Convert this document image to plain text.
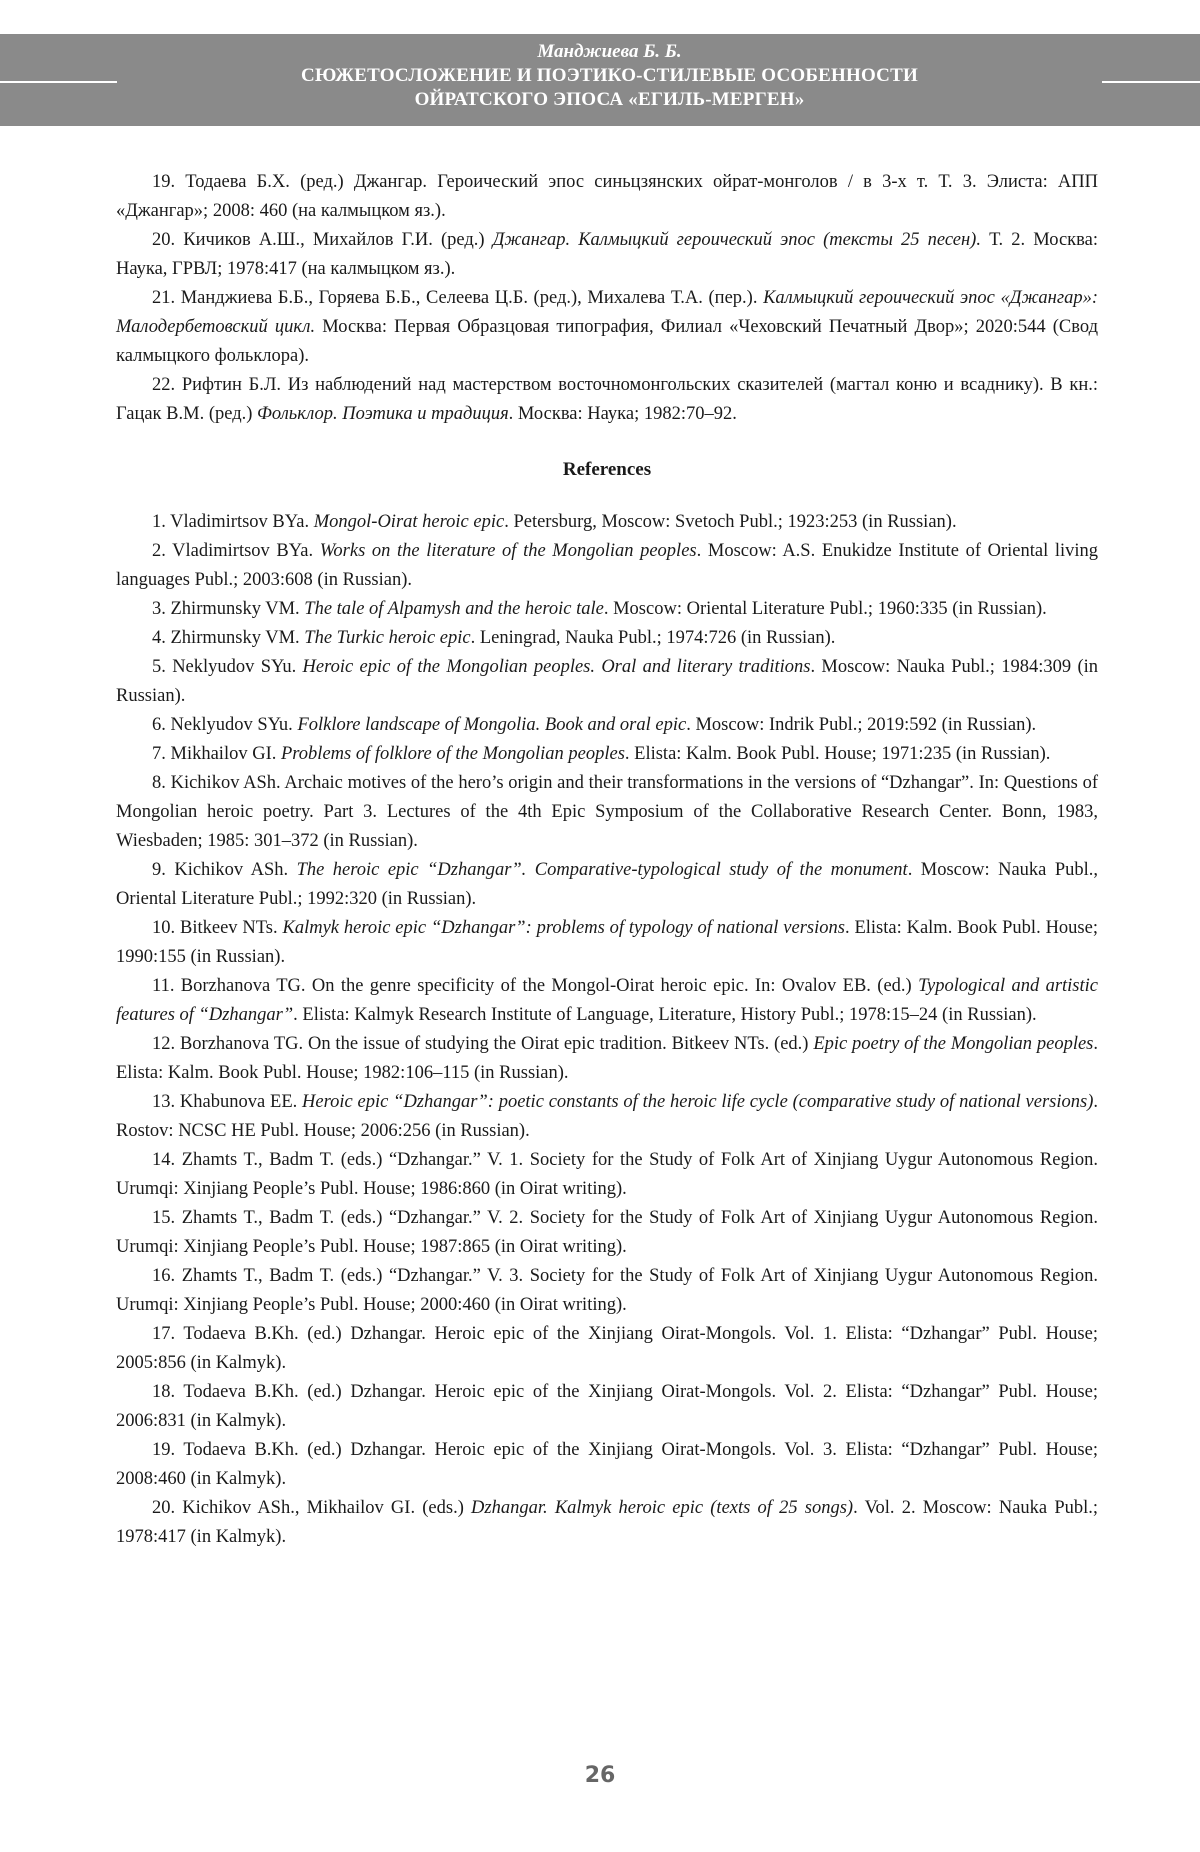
Манджиева Б. Б.
СЮЖЕТОСЛОЖЕНИЕ И ПОЭТИКО-СТИЛЕВЫЕ ОСОБЕННОСТИ
ОЙРАТСКОГО ЭПОСА «ЕГИЛЬ-МЕРГЕН»

19. Тодаева Б.Х. (ред.) Джангар. Героический эпос синьцзянских ойрат-монголов / в 3-х т. Т. 3. Элиста: АПП «Джангар»; 2008: 460 (на калмыцком яз.).

20. Кичиков А.Ш., Михайлов Г.И. (ред.) Джангар. Калмыцкий героический эпос (тексты 25 песен). Т. 2. Москва: Наука, ГРВЛ; 1978:417 (на калмыцком яз.).

21. Манджиева Б.Б., Горяева Б.Б., Селеева Ц.Б. (ред.), Михалева Т.А. (пер.). Калмыцкий героический эпос «Джангар»: Малодербетовский цикл. Москва: Первая Образцовая типография, Филиал «Чеховский Печатный Двор»; 2020:544 (Свод калмыцкого фольклора).

22. Рифтин Б.Л. Из наблюдений над мастерством восточномонгольских сказителей (магтал коню и всаднику). В кн.: Гацак В.М. (ред.) Фольклор. Поэтика и традиция. Москва: Наука; 1982:70–92.

References

1. Vladimirtsov BYa. Mongol-Oirat heroic epic. Petersburg, Moscow: Svetoch Publ.; 1923:253 (in Russian).

2. Vladimirtsov BYa. Works on the literature of the Mongolian peoples. Moscow: A.S. Enukidze Institute of Oriental living languages Publ.; 2003:608 (in Russian).

3. Zhirmunsky VM. The tale of Alpamysh and the heroic tale. Moscow: Oriental Literature Publ.; 1960:335 (in Russian).

4. Zhirmunsky VM. The Turkic heroic epic. Leningrad, Nauka Publ.; 1974:726 (in Russian).

5. Neklyudov SYu. Heroic epic of the Mongolian peoples. Oral and literary traditions. Moscow: Nauka Publ.; 1984:309 (in Russian).

6. Neklyudov SYu. Folklore landscape of Mongolia. Book and oral epic. Moscow: Indrik Publ.; 2019:592 (in Russian).

7. Mikhailov GI. Problems of folklore of the Mongolian peoples. Elista: Kalm. Book Publ. House; 1971:235 (in Russian).

8. Kichikov ASh. Archaic motives of the hero’s origin and their transformations in the versions of “Dzhangar”. In: Questions of Mongolian heroic poetry. Part 3. Lectures of the 4th Epic Symposium of the Collaborative Research Center. Bonn, 1983, Wiesbaden; 1985: 301–372 (in Russian).

9. Kichikov ASh. The heroic epic “Dzhangar”. Comparative-typological study of the monument. Moscow: Nauka Publ., Oriental Literature Publ.; 1992:320 (in Russian).

10. Bitkeev NTs. Kalmyk heroic epic “Dzhangar”: problems of typology of national versions. Elista: Kalm. Book Publ. House; 1990:155 (in Russian).

11. Borzhanova TG. On the genre specificity of the Mongol-Oirat heroic epic. In: Ovalov EB. (ed.) Typological and artistic features of “Dzhangar”. Elista: Kalmyk Research Institute of Language, Literature, History Publ.; 1978:15–24 (in Russian).

12. Borzhanova TG. On the issue of studying the Oirat epic tradition. Bitkeev NTs. (ed.) Epic poetry of the Mongolian peoples. Elista: Kalm. Book Publ. House; 1982:106–115 (in Russian).

13. Khabunova EE. Heroic epic “Dzhangar”: poetic constants of the heroic life cycle (comparative study of national versions). Rostov: NCSC HE Publ. House; 2006:256 (in Russian).

14. Zhamts T., Badm T. (eds.) “Dzhangar.” V. 1. Society for the Study of Folk Art of Xinjiang Uygur Autonomous Region. Urumqi: Xinjiang People’s Publ. House; 1986:860 (in Oirat writing).

15. Zhamts T., Badm T. (eds.) “Dzhangar.” V. 2. Society for the Study of Folk Art of Xinjiang Uygur Autonomous Region. Urumqi: Xinjiang People’s Publ. House; 1987:865 (in Oirat writing).

16. Zhamts T., Badm T. (eds.) “Dzhangar.” V. 3. Society for the Study of Folk Art of Xinjiang Uygur Autonomous Region. Urumqi: Xinjiang People’s Publ. House; 2000:460 (in Oirat writing).

17. Todaeva B.Kh. (ed.) Dzhangar. Heroic epic of the Xinjiang Oirat-Mongols. Vol. 1. Elista: “Dzhangar” Publ. House; 2005:856 (in Kalmyk).

18. Todaeva B.Kh. (ed.) Dzhangar. Heroic epic of the Xinjiang Oirat-Mongols. Vol. 2. Elista: “Dzhangar” Publ. House; 2006:831 (in Kalmyk).

19. Todaeva B.Kh. (ed.) Dzhangar. Heroic epic of the Xinjiang Oirat-Mongols. Vol. 3. Elista: “Dzhangar” Publ. House; 2008:460 (in Kalmyk).

20. Kichikov ASh., Mikhailov GI. (eds.) Dzhangar. Kalmyk heroic epic (texts of 25 songs). Vol. 2. Moscow: Nauka Publ.; 1978:417 (in Kalmyk).

26
